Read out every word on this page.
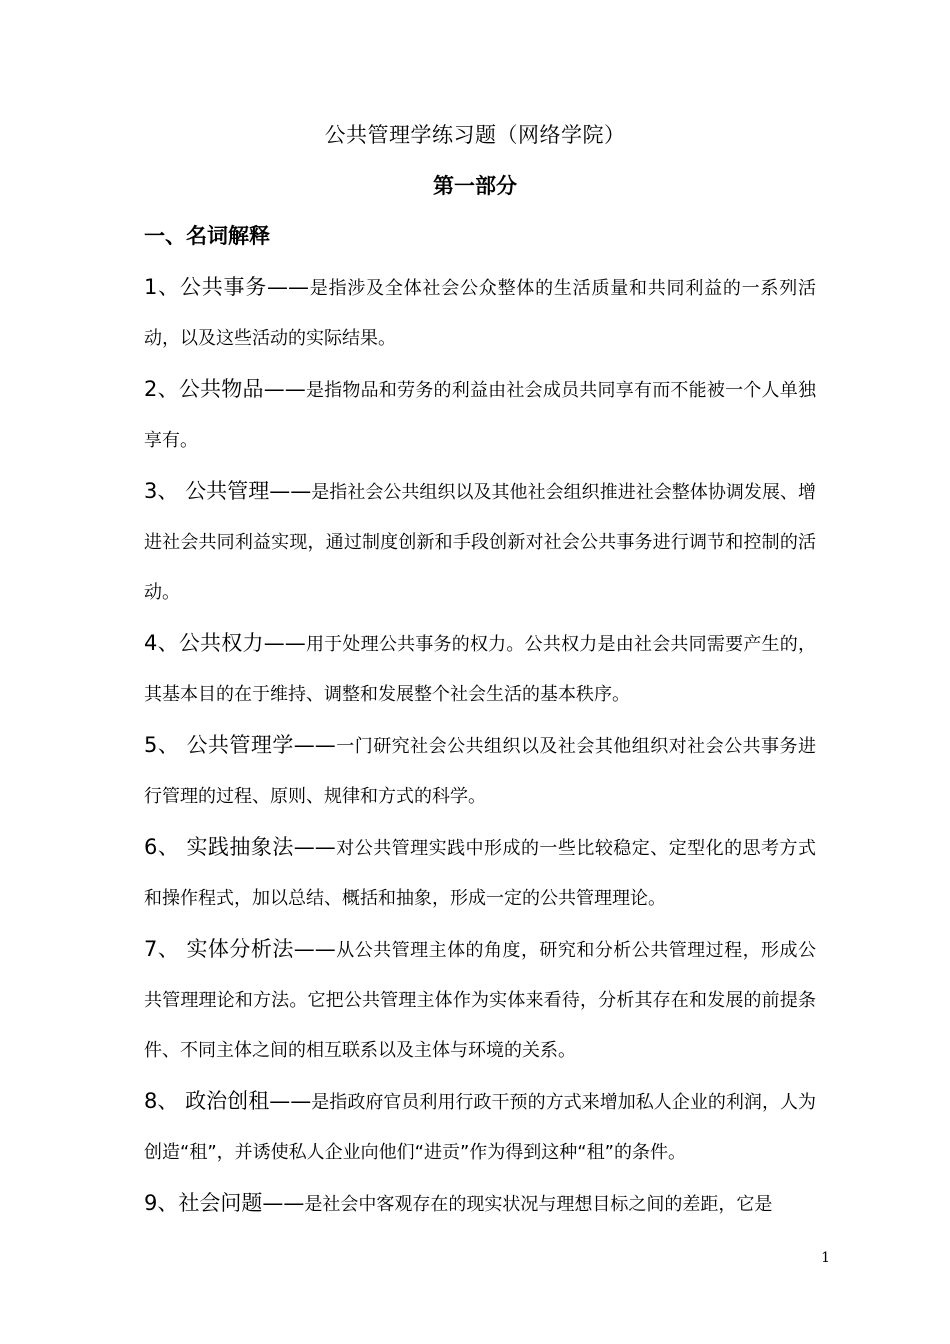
公共管理学练习题（网络学院）
第一部分
一、名词解释
1、公共事务——是指涉及全体社会公众整体的生活质量和共同利益的一系列活动，以及这些活动的实际结果。
2、公共物品——是指物品和劳务的利益由社会成员共同享有而不能被一个人单独享有。
3、 公共管理——是指社会公共组织以及其他社会组织推进社会整体协调发展、增进社会共同利益实现，通过制度创新和手段创新对社会公共事务进行调节和控制的活动。
4、公共权力——用于处理公共事务的权力。公共权力是由社会共同需要产生的，其基本目的在于维持、调整和发展整个社会生活的基本秩序。
5、 公共管理学——一门研究社会公共组织以及社会其他组织对社会公共事务进行管理的过程、原则、规律和方式的科学。
6、 实践抽象法——对公共管理实践中形成的一些比较稳定、定型化的思考方式和操作程式，加以总结、概括和抽象，形成一定的公共管理理论。
7、 实体分析法——从公共管理主体的角度，研究和分析公共管理过程，形成公共管理理论和方法。它把公共管理主体作为实体来看待，分析其存在和发展的前提条件、不同主体之间的相互联系以及主体与环境的关系。
8、 政治创租——是指政府官员利用行政干预的方式来增加私人企业的利润，人为创造“租”，并诱使私人企业向他们“进贡”作为得到这种“租”的条件。
9、社会问题——是社会中客观存在的现实状况与理想目标之间的差距，它是
1
